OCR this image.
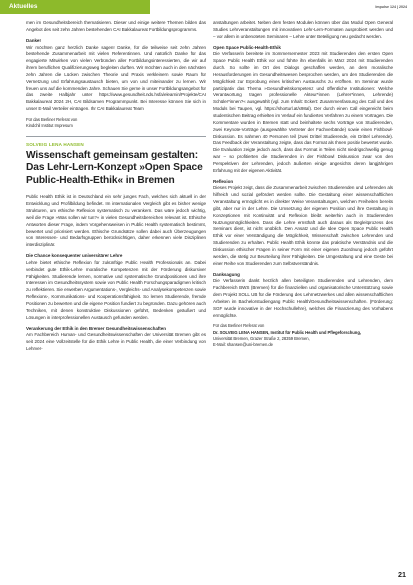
Aktuelles	Impulse 124 | 2024

men im Gesundheitsbereich thematisieren. Dieser und einige weitere Themen bilden das Angebot des seit zehn Jahren bestehenden CAI Bakkalaureat Fortbildungsprogramms.

Danke!

Wir möchten ganz herzlich Danke sagen! Danke, für die teilweise seit zehn Jahren bestehende Zusammenarbeit mit vielen Referentinnen. Und natürlich Danke für das engagierte Mitwirken von vielen Verbünden aller Fortbildungsinteressierten, die wir auf ihrem beruflichen Qualifizierungsweg begleiten durften. Wir möchten auch in den nächsten zehn Jahren die Lücken zwischen Theorie und Praxis verkleinern sowie Raum für Vernetzung und Erfahrungsaustausch bieten, um von und miteinander zu lernen. Wir freuen uns auf die kommenden Jahre. Schauen Sie gerne in unser Fortbildungsangebot für das zweite Halbjahr unter https://www.gesundheit.nds.hsfa/elearnin/Projekte/CAI Bakkalaureat 2024 2H, CAI Bildsamen Programmpunkt. Bei Interesse können Sie sich in unser E-Mail Verteiler eintragen. Ihr CAI Bakkalaureat Team

Für das Berliner Referat von

Kindchil Institut Impresum

SOLVEIG LENA HANSEN

Wissenschaft gemeinsam gestalten: Das Lehr-Lern-Konzept »Open Space Public-Health-Ethik« in Bremen

Public Health Ethik ist in Deutschland ein sehr junges Fach, welches sich aktuell in der Entwicklung und Profilbildung befindet. Im internationalen Vergleich gibt es bisher wenige Strukturen, um ethische Reflexion systematisch zu verankern. Das wäre jedoch wichtig, weil die Frage »Was sollen wir tun?« in vielen Gesundheitsbereichen relevant ist. Ethische Antworten dieser Frage, indem Vorgehensweisen in Public Health systematisch bestimmt, bewertet und priorisiert werden. Ethische Grundsätze sollen dabei auch Überzeugungen von Interessen- und Bedarfsgruppen berücksichtigen, daher erkennen viele Disziplinen interdisziplinär.

Die Chance konsequenter universitärer Lehre

Lehre bietet ethische Reflexion für zukünftige Public Health Professionals an. Dabei verbindet gute Ethik-Lehre moralische Kompetenzen mit der Förderung diskursiver Fähigkeiten. Studierende lernen, normative und systematische Grundpositionen und ihre Interessen im Gesundheitssystem sowie von Public Health Forschungsparadigmen kritisch zu reflektieren. Sie erwerben Argumentations-, Vergleichs- und Analysekompetenzen sowie Reflexions-, Kommunikations- und Kooperationsfähigkeit. So lernen Studierende, fremde Positionen zu bewerten und die eigene Position fundiert zu begründen. Dazu gehören auch Techniken, mit denen konstruktive Diskussionen geführt, Bedenken geäußert und Lösungen in interprofessionellen Austausch gefunden werden.

Verankerung der Ethik in den Bremer Gesundheitswissenschaften

Am Fachbereich Human- und Gesundheitswissenschaften der Universität Bremen gibt es seit 2024 eine Vollzeitstelle für die Ethik Lehre in Public Health, die einer Verbindung von Lehrver-

anstaltungen arbeitet. Neben dem festen Modulen können über das Modul Open General Studies Lehrveranstaltungen mit innovativen Lehr-Lern-Formaten ausprobiert werden und – vor allem in unbenoteten Seminaren – Lehre unter Beteiligung neu gedacht werden.

Open Space Public-Health-Ethik

Die Verfasserin bereitete im Sommersemester 2023 mit Studierenden den ersten Open Space Public Health Ethik vor und führte ihn ebenfalls im März 2024 mit Studierenden durch. So sollte im Ort des Dialogs geschaffen werden, an dem moralische Herausforderungen im Gesundheitswesen besprochen werden, um den Studierenden die Möglichkeit zur Erprobung eines kritischen Austauschs zu eröffnen. Im Seminar wurde partizipativ das Thema »Gesundheitskompetenz und öffentliche Institutionen: Welche Verantwortung tragen professionelle Akteur*innen (Lehrer*innen, Lehrende) Schüler*innen?« ausgewählt (vgl. zum Inhalt: Eckert: Zusammenfassung des Call und des Moduls bei Taupen, vgl. https://shorturl.at/x98al). Der durch einen Call eingereicht beim studentischen Beitrag erhielten im Verlauf ein fundiertes Verfahren zu einem Vortragen. Die Kommentare wurden in Bremen statt und beinhaltete sechs Vorträge von Studierenden, zwei Keynote-Vorträge (ausgewählte Vertreter der Fachverbände) sowie einen Fishbowl-Diskussion. Es nahmen 40 Personen teil (zwei Drittel Studierende, ein Drittel Lehrende). Das Feedback der Veranstaltung zeigte, dass das Format als Ihnen positiv bewertet wurde. Die Evaluation zeigte jedoch auch, dass das Format in Teilen nicht niedrigschwellig genug war – so profitierten die Studierenden in der Fishbowl Diskussion zwar von den Perspektiven der Lehrenden, jedoch äußerten einige angesichts deren langjährigen Erfahrung mit der eigenen Aktivität.

Reflexion

Dieses Projekt zeigt, dass die Zusammenarbeit zwischen Studierenden und Lehrenden als hilfreich und sozial gefördert werden sollte. Die Gestaltung einer wissenschaftlichen Veranstaltung ermöglicht es in direkter Weise Veranstaltungen, welchen Freiheiten bereits gibt, aber nur in der Lehre. Die Umsetzung der eigenen Position und ihre Gestaltung in Konzeptionen mit Kontinuität und Reflexion bleibt weiterhin auch in Studierenden Nutzungsmöglichkeiten. Dass die Lehre ernsthaft auch daraus als Begleitprozess des Seminars dient, ist nicht unüblich. Den Ansatz und die Idee Open Space Public Health Ethik vor einer Verständigung die Möglichkeit, Wissenschaft zwischen Lehrenden und Studierenden zu erhalten. Public Health Ethik könnte das praktische Verständnis und die Diskussion ethischer Fragen in seiner Form mit einer eigenen Zuordnung jedoch geführt werden, die stetig zur Beurteilung ihrer Fähigkeiten. Die Umgestaltung und eine Geste bei einer Reihe von Studierenden zum Selbstverständnis.

Danksagung

Die Verfasserin dankt herzlich allen beteiligten Studierenden und Lehrenden, dem Fachbereich BWS (Bremen) für die finanziellen und organisatorische Unterstützung sowie dem Projekt SOLL UB für die Förderung des Lehrnetzwerkes und allen wissenschaftlichen Arbeiten im Bachelorstudiengang Public Health/Gesundheitswissenschaften. (Förderung: SGF wurde innovative in der Hochschullehre), welches die Finanzierung des Vorhabens ermöglichte.

Für das Berliner Referat von

Dr. SOLVEIG LENA HANSEN, Institut für Public Health und Pflegeforschung,

Universität Bremen, Grazer Straße 2, 28359 Bremen,

E-Mail: shansen@uni-bremen.de

21
